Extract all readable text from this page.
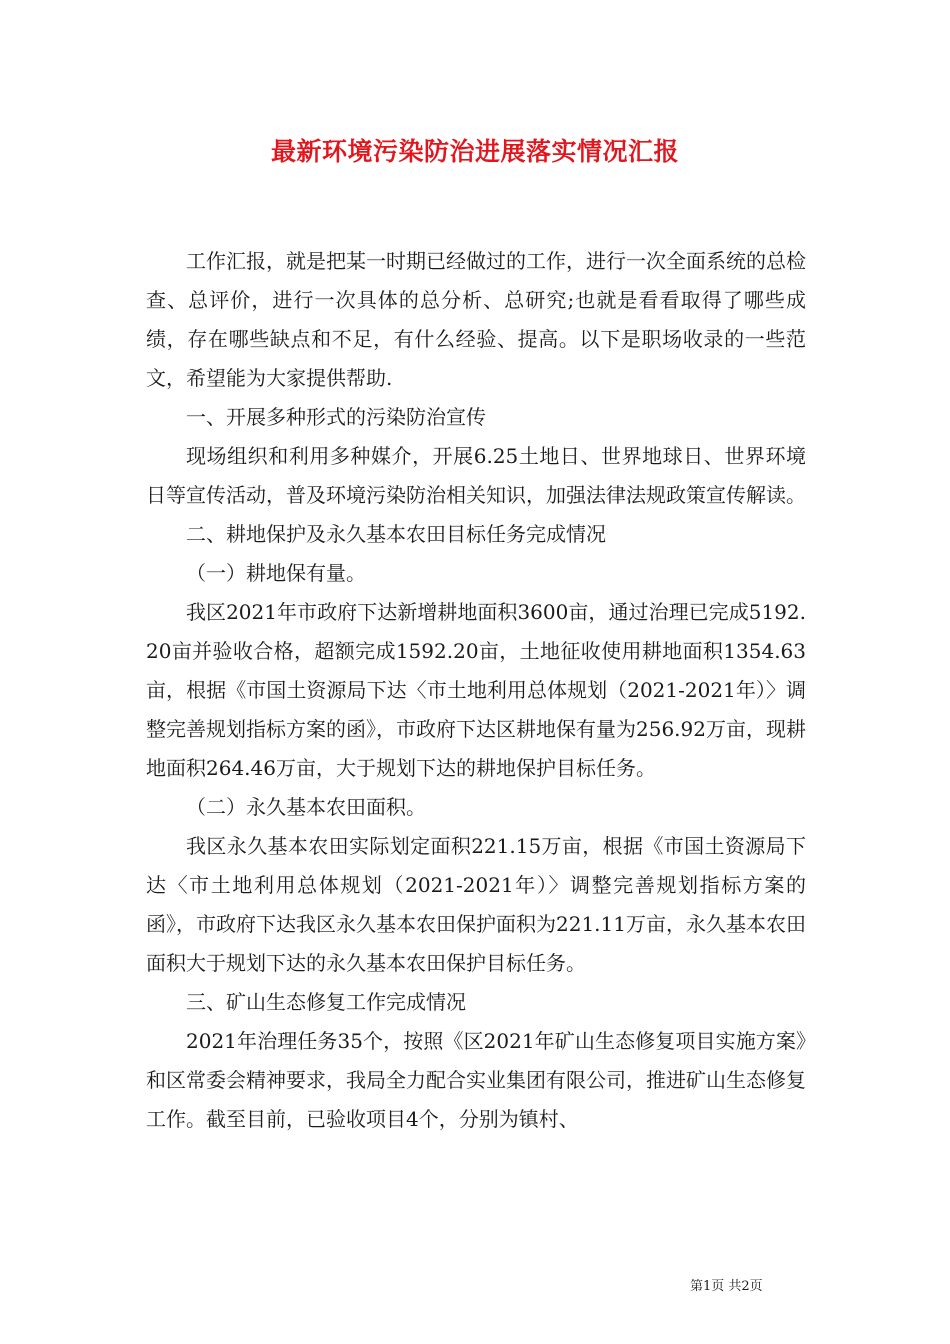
最新环境污染防治进展落实情况汇报

工作汇报，就是把某一时期已经做过的工作，进行一次全面系统的总检查、总评价，进行一次具体的总分析、总研究;也就是看看取得了哪些成绩，存在哪些缺点和不足，有什么经验、提高。以下是职场收录的一些范文，希望能为大家提供帮助.

一、开展多种形式的污染防治宣传

现场组织和利用多种媒介，开展6.25土地日、世界地球日、世界环境日等宣传活动，普及环境污染防治相关知识，加强法律法规政策宣传解读。

二、耕地保护及永久基本农田目标任务完成情况

（一）耕地保有量。

我区2021年市政府下达新增耕地面积3600亩，通过治理已完成5192.20亩并验收合格，超额完成1592.20亩，土地征收使用耕地面积1354.63亩，根据《市国土资源局下达〈市土地利用总体规划（2021-2021年）〉调整完善规划指标方案的函》，市政府下达区耕地保有量为256.92万亩，现耕地面积264.46万亩，大于规划下达的耕地保护目标任务。

（二）永久基本农田面积。

我区永久基本农田实际划定面积221.15万亩，根据《市国土资源局下达〈市土地利用总体规划（2021-2021年）〉调整完善规划指标方案的函》，市政府下达我区永久基本农田保护面积为221.11万亩，永久基本农田面积大于规划下达的永久基本农田保护目标任务。

三、矿山生态修复工作完成情况

2021年治理任务35个，按照《区2021年矿山生态修复项目实施方案》和区常委会精神要求，我局全力配合实业集团有限公司，推进矿山生态修复工作。截至目前，已验收项目4个，分别为镇村、

第1页 共2页
